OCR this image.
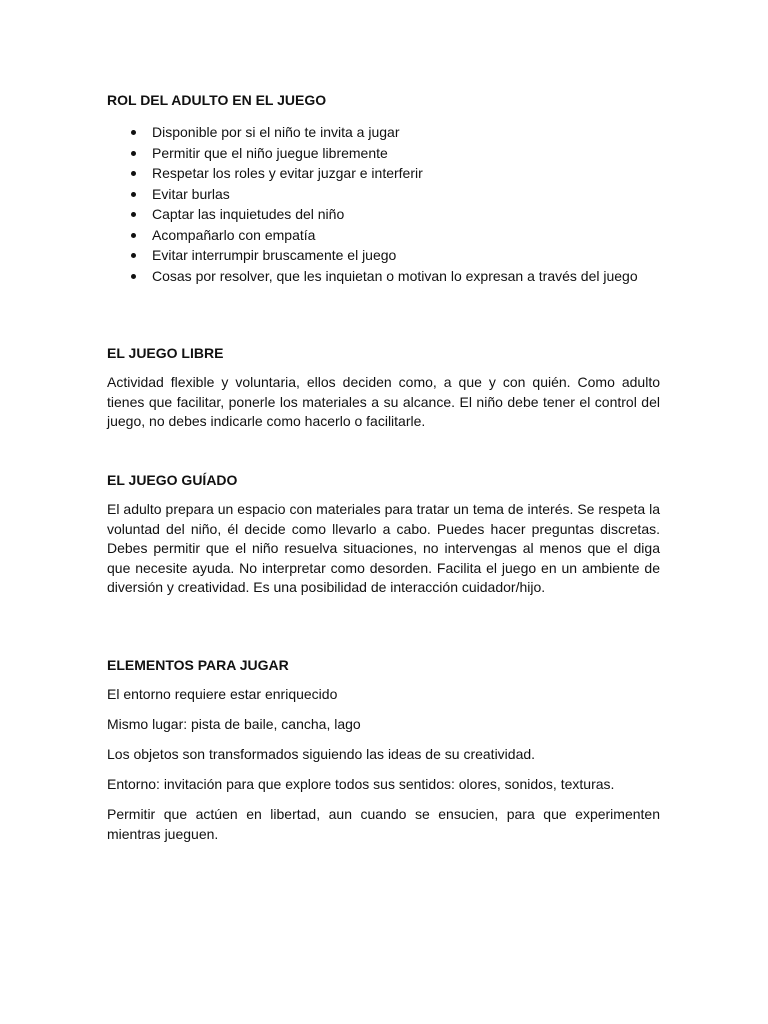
ROL DEL ADULTO EN EL JUEGO
Disponible por si el niño te invita a jugar
Permitir que el niño juegue libremente
Respetar los roles y evitar juzgar e interferir
Evitar burlas
Captar las inquietudes del niño
Acompañarlo con empatía
Evitar interrumpir bruscamente el juego
Cosas por resolver, que les inquietan o motivan lo expresan a través del juego
EL JUEGO LIBRE

Actividad flexible y voluntaria, ellos deciden como, a que y con quién. Como adulto tienes que facilitar, ponerle los materiales a su alcance. El niño debe tener el control del juego, no debes indicarle como hacerlo o facilitarle.

EL JUEGO GUÍADO

El adulto prepara un espacio con materiales para tratar un tema de interés. Se respeta la voluntad del niño, él decide como llevarlo a cabo. Puedes hacer preguntas discretas. Debes permitir que el niño resuelva situaciones, no intervengas al menos que el diga que necesite ayuda. No interpretar como desorden. Facilita el juego en un ambiente de diversión y creatividad. Es una posibilidad de interacción cuidador/hijo.

ELEMENTOS PARA JUGAR

El entorno requiere estar enriquecido

Mismo lugar: pista de baile, cancha, lago

Los objetos son transformados siguiendo las ideas de su creatividad.

Entorno: invitación para que explore todos sus sentidos: olores, sonidos, texturas.

Permitir que actúen en libertad, aun cuando se ensucien, para que experimenten mientras jueguen.
